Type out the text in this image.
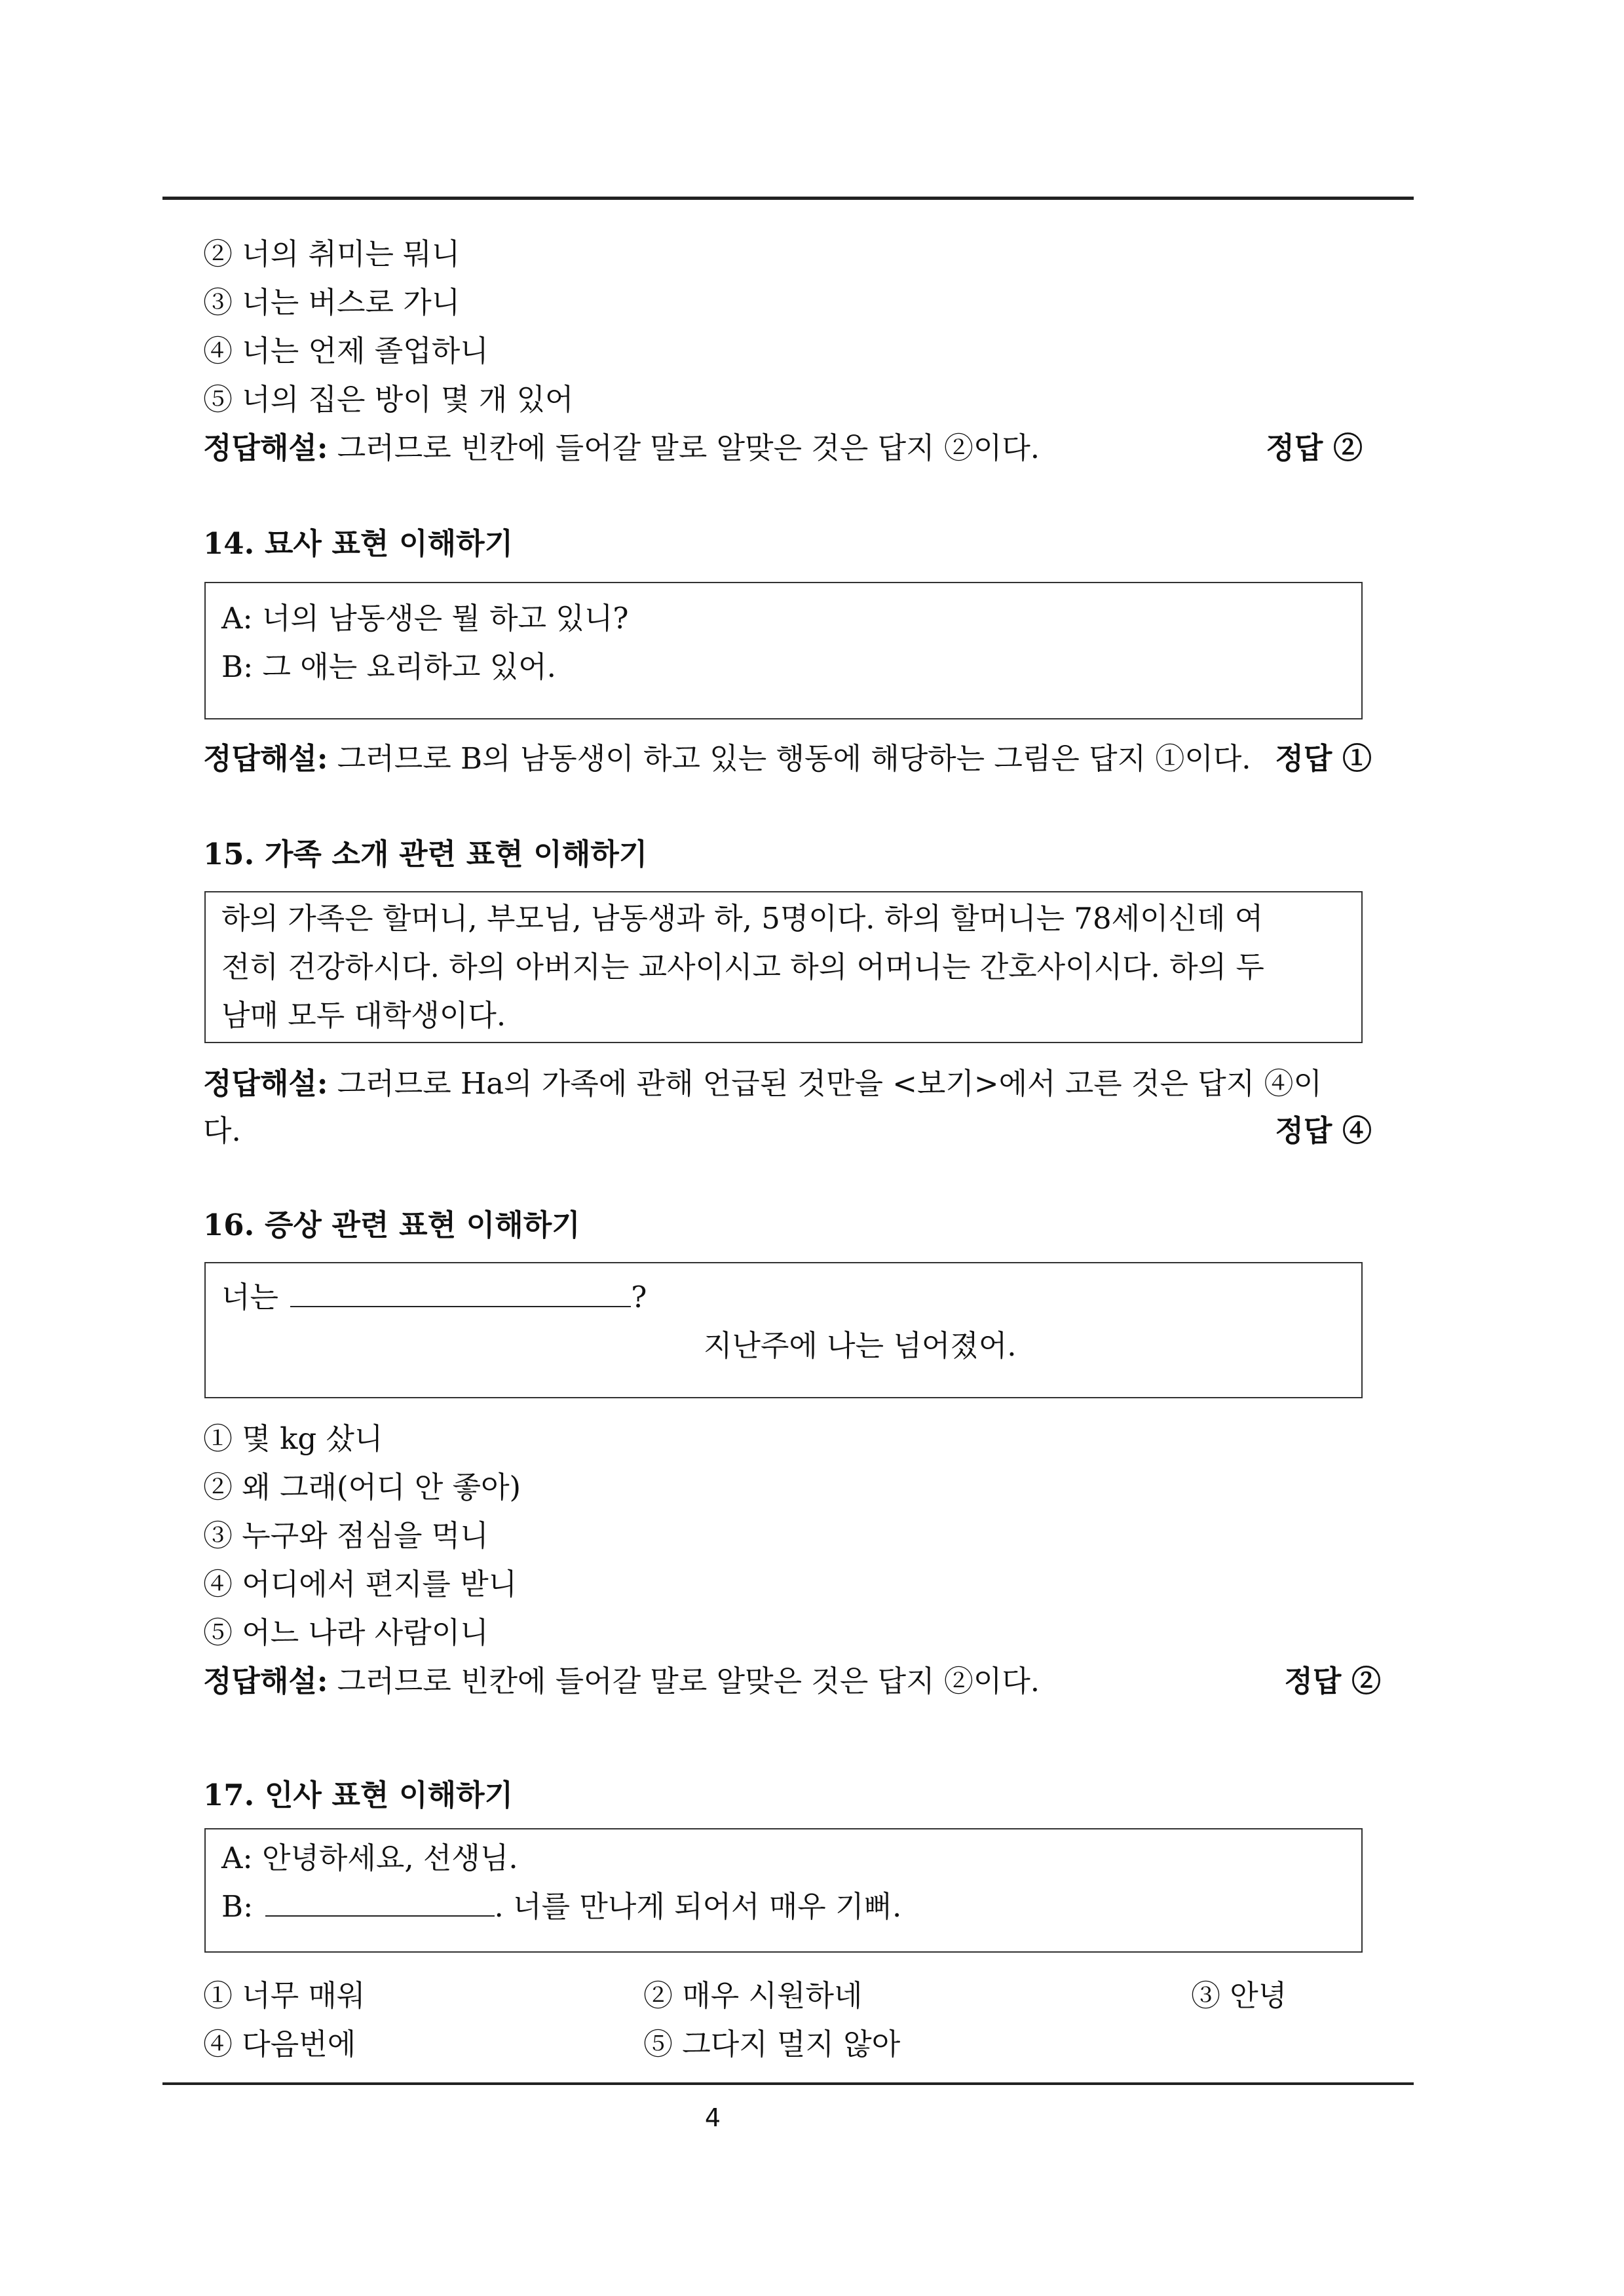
② 너의 취미는 뭐니
③ 너는 버스로 가니
④ 너는 언제 졸업하니
⑤ 너의 집은 방이 몇 개 있어
정답해설: 그러므로 빈칸에 들어갈 말로 알맞은 것은 답지 ②이다.	정답 ②
14. 묘사 표현 이해하기
A: 너의 남동생은 뭘 하고 있니?
B: 그 애는 요리하고 있어.
정답해설: 그러므로 B의 남동생이 하고 있는 행동에 해당하는 그림은 답지 ①이다. 정답 ①
15. 가족 소개 관련 표현 이해하기
하의 가족은 할머니, 부모님, 남동생과 하, 5명이다. 하의 할머니는 78세이신데 여
전히 건강하시다. 하의 아버지는 교사이시고 하의 어머니는 간호사이시다. 하의 두
남매 모두 대학생이다.
정답해설: 그러므로 Ha의 가족에 관해 언급된 것만을 <보기>에서 고른 것은 답지 ④이
다.	정답 ④
16. 증상 관련 표현 이해하기
너는	?
지난주에 나는 넘어졌어.
① 몇 kg 샀니
② 왜 그래(어디 안 좋아)
③ 누구와 점심을 먹니
④ 어디에서 편지를 받니
⑤ 어느 나라 사람이니
정답해설: 그러므로 빈칸에 들어갈 말로 알맞은 것은 답지 ②이다.	정답 ②
17. 인사 표현 이해하기
A: 안녕하세요, 선생님.
B:	. 너를 만나게 되어서 매우 기뻐.
① 너무 매워	② 매우 시원하네	③ 안녕
④ 다음번에	⑤ 그다지 멀지 않아
4
